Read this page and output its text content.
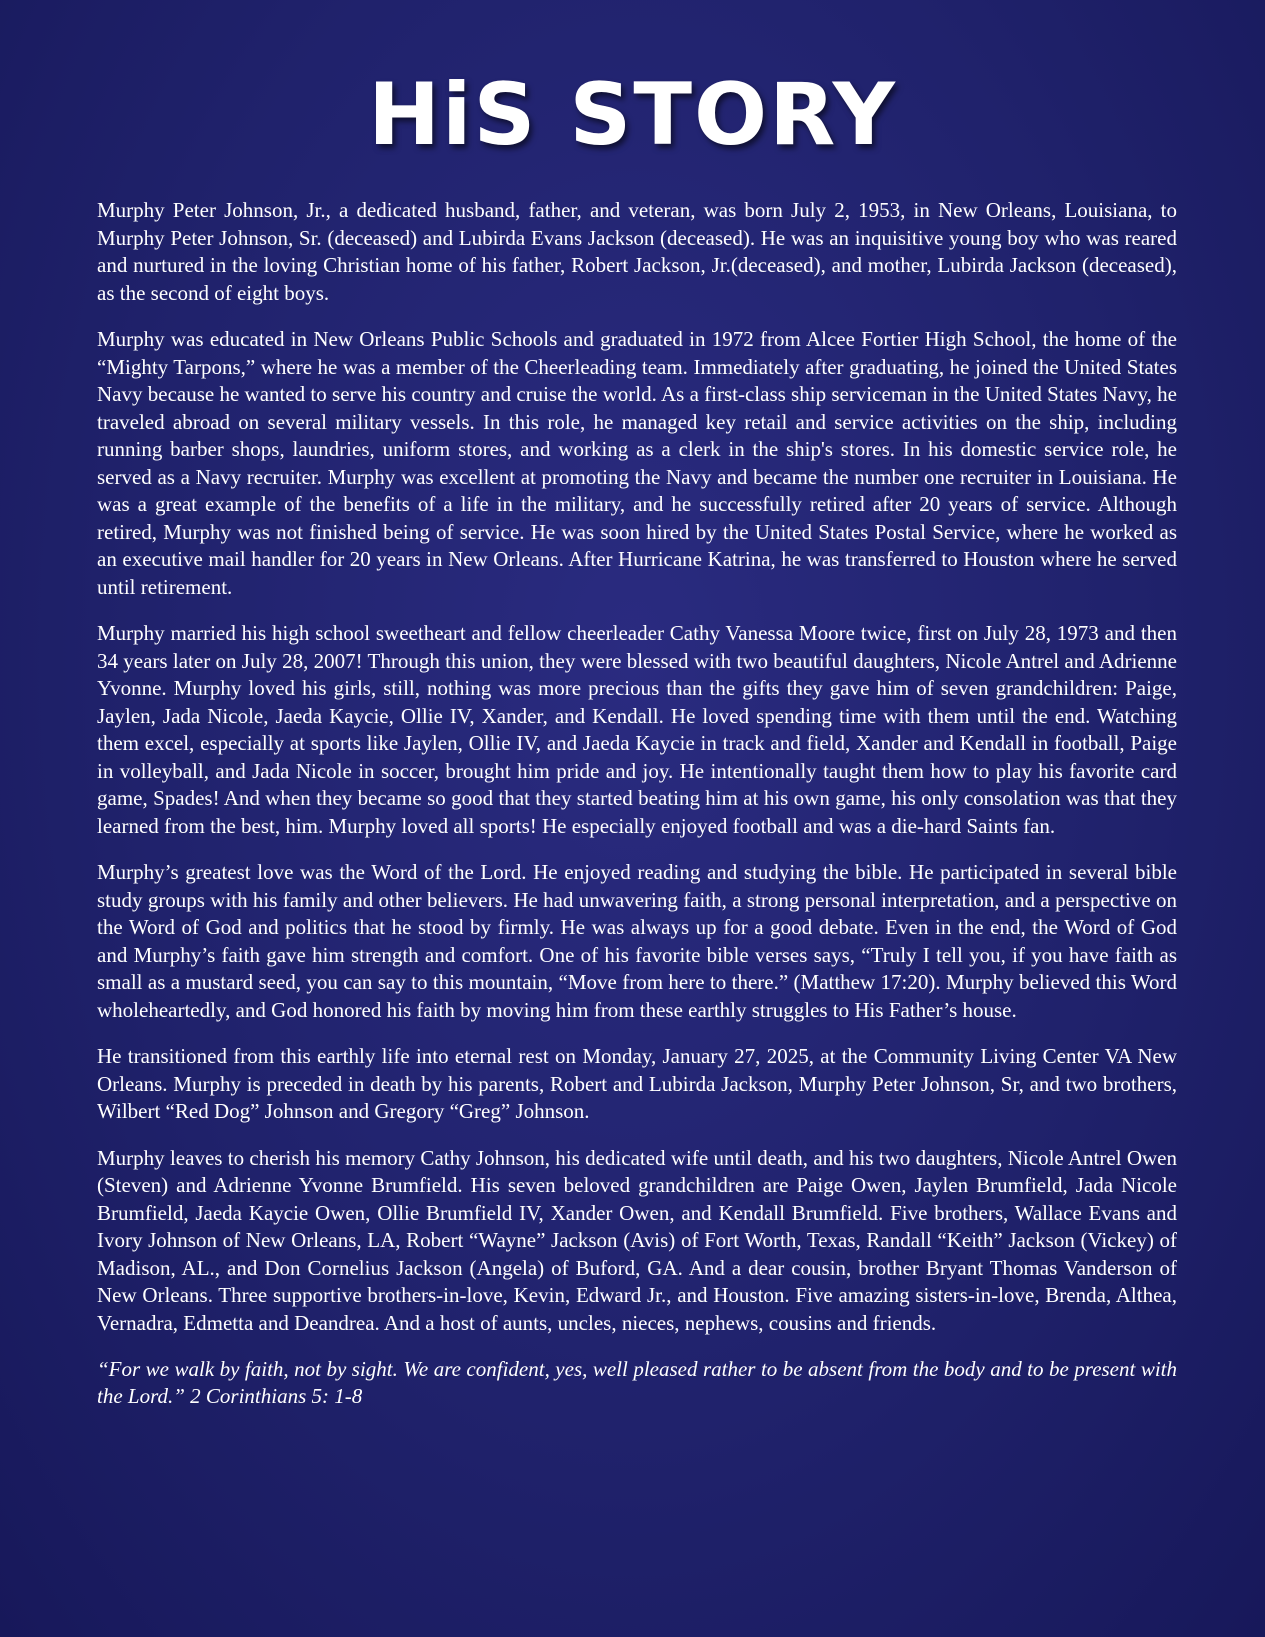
HiS STORY

Murphy Peter Johnson, Jr., a dedicated husband, father, and veteran, was born July 2, 1953, in New Orleans, Louisiana, to Murphy Peter Johnson, Sr. (deceased) and Lubirda Evans Jackson (deceased). He was an inquisitive young boy who was reared and nurtured in the loving Christian home of his father, Robert Jackson, Jr.(deceased), and mother, Lubirda Jackson (deceased), as the second of eight boys.

Murphy was educated in New Orleans Public Schools and graduated in 1972 from Alcee Fortier High School, the home of the “Mighty Tarpons,” where he was a member of the Cheerleading team. Immediately after graduating, he joined the United States Navy because he wanted to serve his country and cruise the world. As a first-class ship serviceman in the United States Navy, he traveled abroad on several military vessels. In this role, he managed key retail and service activities on the ship, including running barber shops, laundries, uniform stores, and working as a clerk in the ship's stores. In his domestic service role, he served as a Navy recruiter. Murphy was excellent at promoting the Navy and became the number one recruiter in Louisiana. He was a great example of the benefits of a life in the military, and he successfully retired after 20 years of service. Although retired, Murphy was not finished being of service. He was soon hired by the United States Postal Service, where he worked as an executive mail handler for 20 years in New Orleans. After Hurricane Katrina, he was transferred to Houston where he served until retirement.

Murphy married his high school sweetheart and fellow cheerleader Cathy Vanessa Moore twice, first on July 28, 1973 and then 34 years later on July 28, 2007! Through this union, they were blessed with two beautiful daughters, Nicole Antrel and Adrienne Yvonne. Murphy loved his girls, still, nothing was more precious than the gifts they gave him of seven grandchildren: Paige, Jaylen, Jada Nicole, Jaeda Kaycie, Ollie IV, Xander, and Kendall. He loved spending time with them until the end. Watching them excel, especially at sports like Jaylen, Ollie IV, and Jaeda Kaycie in track and field, Xander and Kendall in football, Paige in volleyball, and Jada Nicole in soccer, brought him pride and joy. He intentionally taught them how to play his favorite card game, Spades! And when they became so good that they started beating him at his own game, his only consolation was that they learned from the best, him. Murphy loved all sports! He especially enjoyed football and was a die-hard Saints fan.

Murphy’s greatest love was the Word of the Lord. He enjoyed reading and studying the bible. He participated in several bible study groups with his family and other believers. He had unwavering faith, a strong personal interpretation, and a perspective on the Word of God and politics that he stood by firmly. He was always up for a good debate. Even in the end, the Word of God and Murphy’s faith gave him strength and comfort. One of his favorite bible verses says, “Truly I tell you, if you have faith as small as a mustard seed, you can say to this mountain, “Move from here to there.” (Matthew 17:20). Murphy believed this Word wholeheartedly, and God honored his faith by moving him from these earthly struggles to His Father’s house.

He transitioned from this earthly life into eternal rest on Monday, January 27, 2025, at the Community Living Center VA New Orleans. Murphy is preceded in death by his parents, Robert and Lubirda Jackson, Murphy Peter Johnson, Sr, and two brothers, Wilbert “Red Dog” Johnson and Gregory “Greg” Johnson.

Murphy leaves to cherish his memory Cathy Johnson, his dedicated wife until death, and his two daughters, Nicole Antrel Owen (Steven) and Adrienne Yvonne Brumfield. His seven beloved grandchildren are Paige Owen, Jaylen Brumfield, Jada Nicole Brumfield, Jaeda Kaycie Owen, Ollie Brumfield IV, Xander Owen, and Kendall Brumfield. Five brothers, Wallace Evans and Ivory Johnson of New Orleans, LA, Robert “Wayne” Jackson (Avis) of Fort Worth, Texas, Randall “Keith” Jackson (Vickey) of Madison, AL., and Don Cornelius Jackson (Angela) of Buford, GA. And a dear cousin, brother Bryant Thomas Vanderson of New Orleans. Three supportive brothers-in-love, Kevin, Edward Jr., and Houston. Five amazing sisters-in-love, Brenda, Althea, Vernadra, Edmetta and Deandrea. And a host of aunts, uncles, nieces, nephews, cousins and friends.

“For we walk by faith, not by sight. We are confident, yes, well pleased rather to be absent from the body and to be present with the Lord.” 2 Corinthians 5: 1-8
